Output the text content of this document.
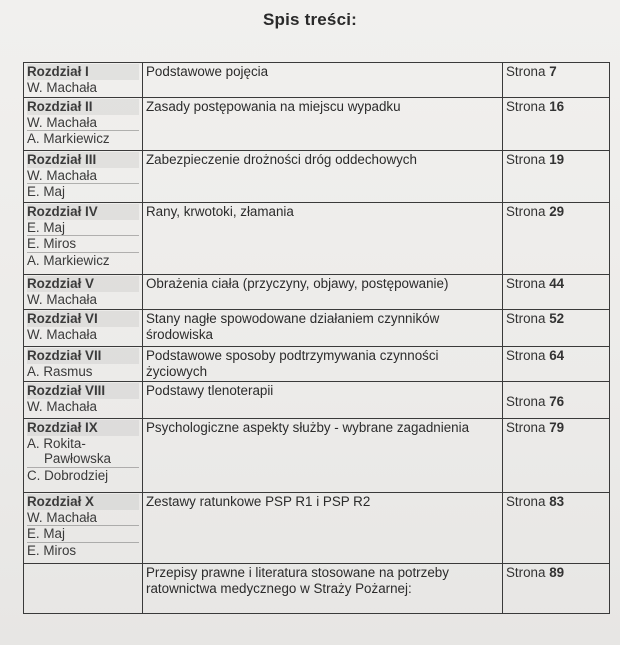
Spis treści:
Rozdział I
W. Machała	Podstawowe pojęcia	Strona 7

Rozdział II
W. Machała
A. Markiewicz	Zasady postępowania na miejscu wypadku	Strona 16

Rozdział III
W. Machała
E. Maj	Zabezpieczenie drożności dróg oddechowych	Strona 19

Rozdział IV
E. Maj
E. Miros
A. Markiewicz	Rany, krwotoki, złamania	Strona 29

Rozdział V
W. Machała	Obrażenia ciała (przyczyny, objawy, postępowanie)	Strona 44

Rozdział VI
W. Machała	Stany nagłe spowodowane działaniem czynników środowiska	Strona 52

Rozdział VII
A. Rasmus	Podstawowe sposoby podtrzymywania czynności życiowych	Strona 64

Rozdział VIII
W. Machała	Podstawy tlenoterapii	Strona 76

Rozdział IX
A. Rokita-
Pawłowska
C. Dobrodziej	Psychologiczne aspekty służby - wybrane zagadnienia	Strona 79

Rozdział X
W. Machała
E. Maj
E. Miros	Zestawy ratunkowe PSP R1 i PSP R2	Strona 83
	Przepisy prawne i literatura stosowane na potrzeby ratownictwa medycznego w Straży Pożarnej:	Strona 89
